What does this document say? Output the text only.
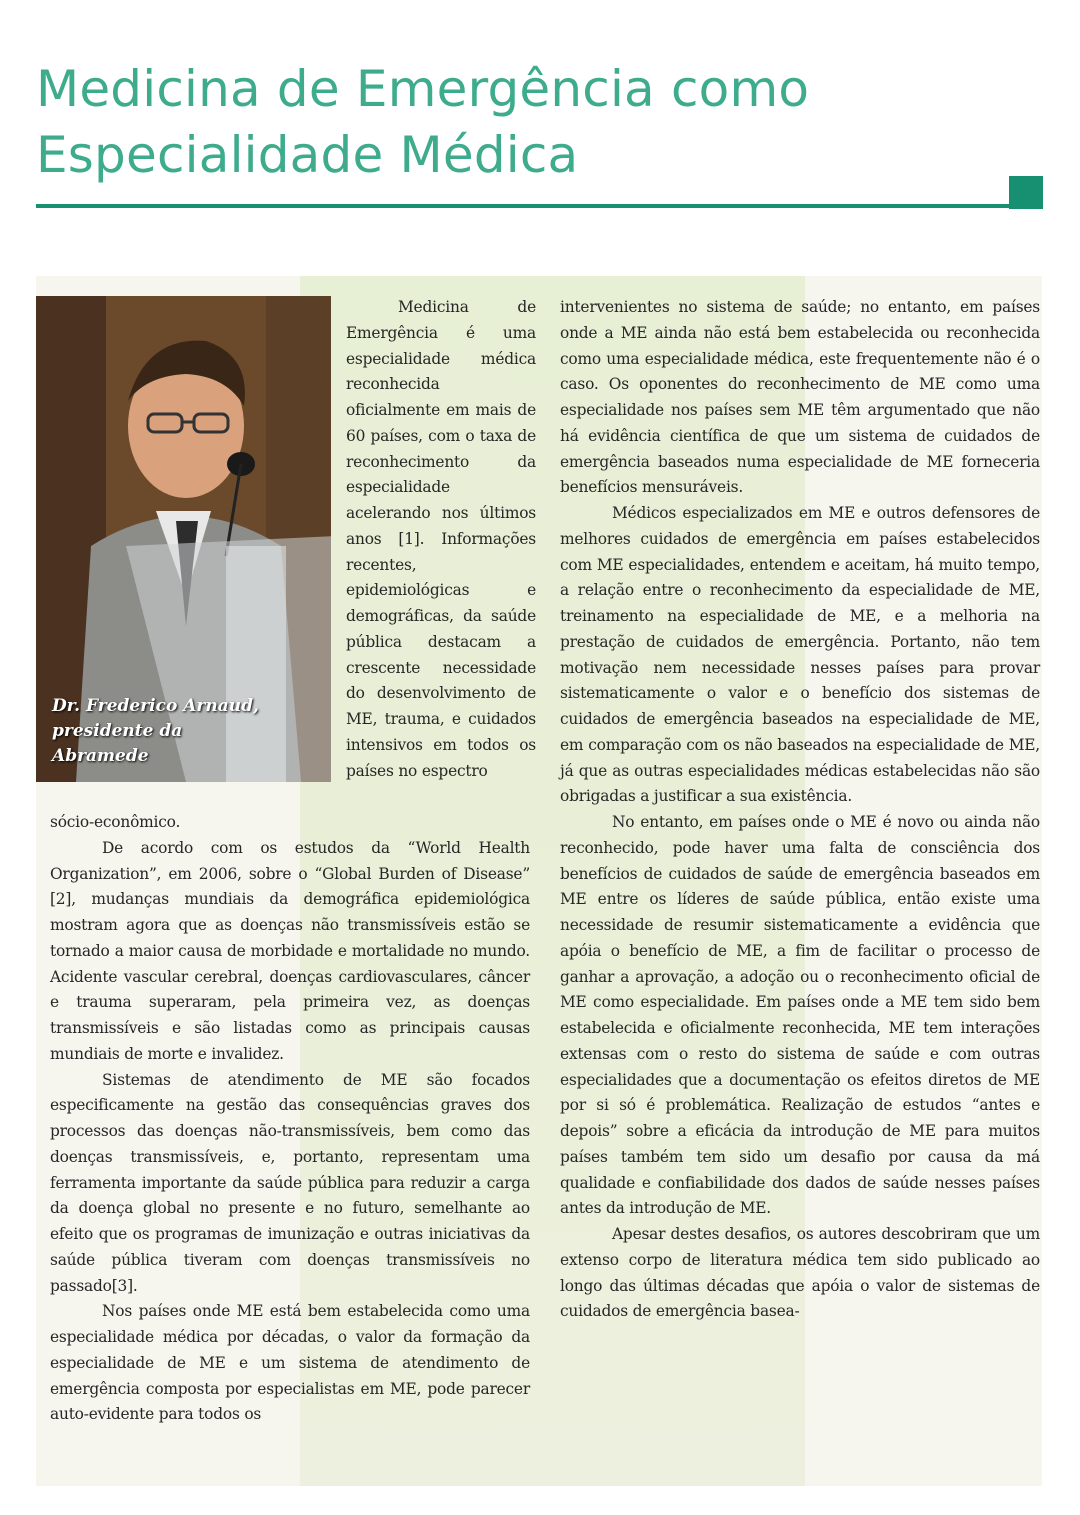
Medicina de Emergência como
Especialidade Médica
Dr. Frederico Arnaud,
presidente da
Abramede

Medicina de Emergência é uma especialidade médica reconhecida oficialmente em mais de 60 países, com o taxa de reconhecimento da especialidade acelerando nos últimos anos [1]. Informações recentes, epidemiológicas e demográficas, da saúde pública destacam a crescente necessidade do desenvolvimento de ME, trauma, e cuidados intensivos em todos os países no espectro

sócio-econômico.

De acordo com os estudos da “World Health Organization”, em 2006, sobre o “Global Burden of Disease” [2], mudanças mundiais da demográfica epidemiológica mostram agora que as doenças não transmissíveis estão se tornado a maior causa de morbidade e mortalidade no mundo. Acidente vascular cerebral, doenças cardiovasculares, câncer e trauma superaram, pela primeira vez, as doenças transmissíveis e são listadas como as principais causas mundiais de morte e invalidez.

Sistemas de atendimento de ME são focados especificamente na gestão das consequências graves dos processos das doenças não-transmissíveis, bem como das doenças transmissíveis, e, portanto, representam uma ferramenta importante da saúde pública para reduzir a carga da doença global no presente e no futuro, semelhante ao efeito que os programas de imunização e outras iniciativas da saúde pública tiveram com doenças transmissíveis no passado[3].

Nos países onde ME está bem estabelecida como uma especialidade médica por décadas, o valor da formação da especialidade de ME e um sistema de atendimento de emergência composta por especialistas em ME, pode parecer auto-evidente para todos os

intervenientes no sistema de saúde; no entanto, em países onde a ME ainda não está bem estabelecida ou reconhecida como uma especialidade médica, este frequentemente não é o caso. Os oponentes do reconhecimento de ME como uma especialidade nos países sem ME têm argumentado que não há evidência científica de que um sistema de cuidados de emergência baseados numa especialidade de ME forneceria benefícios mensuráveis.

Médicos especializados em ME e outros defensores de melhores cuidados de emergência em países estabelecidos com ME especialidades, entendem e aceitam, há muito tempo, a relação entre o reconhecimento da especialidade de ME, treinamento na especialidade de ME, e a melhoria na prestação de cuidados de emergência. Portanto, não tem motivação nem necessidade nesses países para provar sistematicamente o valor e o benefício dos sistemas de cuidados de emergência baseados na especialidade de ME, em comparação com os não baseados na especialidade de ME, já que as outras especialidades médicas estabelecidas não são obrigadas a justificar a sua existência.

No entanto, em países onde o ME é novo ou ainda não reconhecido, pode haver uma falta de consciência dos benefícios de cuidados de saúde de emergência baseados em ME entre os líderes de saúde pública, então existe uma necessidade de resumir sistematicamente a evidência que apóia o benefício de ME, a fim de facilitar o processo de ganhar a aprovação, a adoção ou o reconhecimento oficial de ME como especialidade. Em países onde a ME tem sido bem estabelecida e oficialmente reconhecida, ME tem interações extensas com o resto do sistema de saúde e com outras especialidades que a documentação os efeitos diretos de ME por si só é problemática. Realização de estudos “antes e depois” sobre a eficácia da introdução de ME para muitos países também tem sido um desafio por causa da má qualidade e confiabilidade dos dados de saúde nesses países antes da introdução de ME.

Apesar destes desafios, os autores descobriram que um extenso corpo de literatura médica tem sido publicado ao longo das últimas décadas que apóia o valor de sistemas de cuidados de emergência basea-
